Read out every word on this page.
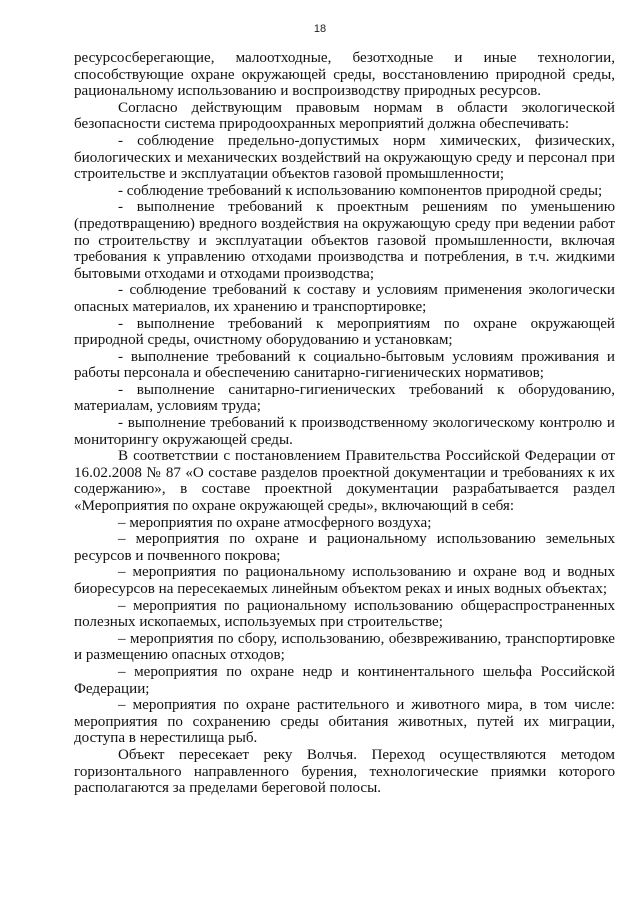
18

ресурсосберегающие, малоотходные, безотходные и иные технологии, способствующие охране окружающей среды, восстановлению природной среды, рациональному использованию и воспроизводству природных ресурсов.

Согласно действующим правовым нормам в области экологической безопасности система природоохранных мероприятий должна обеспечивать:

- соблюдение предельно-допустимых норм химических, физических, биологических и механических воздействий на окружающую среду и персонал при строительстве и эксплуатации объектов газовой промышленности;

- соблюдение требований к использованию компонентов природной среды;

- выполнение требований к проектным решениям по уменьшению (предотвращению) вредного воздействия на окружающую среду при ведении работ по строительству и эксплуатации объектов газовой промышленности, включая требования к управлению отходами производства и потребления, в т.ч. жидкими бытовыми отходами и отходами производства;

- соблюдение требований к составу и условиям применения экологически опасных материалов, их хранению и транспортировке;

- выполнение требований к мероприятиям по охране окружающей природной среды, очистному оборудованию и установкам;

- выполнение требований к социально-бытовым условиям проживания и работы персонала и обеспечению санитарно-гигиенических нормативов;

- выполнение санитарно-гигиенических требований к оборудованию, материалам, условиям труда;

- выполнение требований к производственному экологическому контролю и мониторингу окружающей среды.

В соответствии с постановлением Правительства Российской Федерации от 16.02.2008 № 87 «О составе разделов проектной документации и требованиях к их содержанию», в составе проектной документации разрабатывается раздел «Мероприятия по охране окружающей среды», включающий в себя:

– мероприятия по охране атмосферного воздуха;

– мероприятия по охране и рациональному использованию земельных ресурсов и почвенного покрова;

– мероприятия по рациональному использованию и охране вод и водных биоресурсов на пересекаемых линейным объектом реках и иных водных объектах;

– мероприятия по рациональному использованию общераспространенных полезных ископаемых, используемых при строительстве;

– мероприятия по сбору, использованию, обезвреживанию, транспортировке и размещению опасных отходов;

– мероприятия по охране недр и континентального шельфа Российской Федерации;

– мероприятия по охране растительного и животного мира, в том числе: мероприятия по сохранению среды обитания животных, путей их миграции, доступа в нерестилища рыб.

Объект пересекает реку Волчья. Переход осуществляются методом горизонтального направленного бурения, технологические приямки которого располагаются за пределами береговой полосы.
